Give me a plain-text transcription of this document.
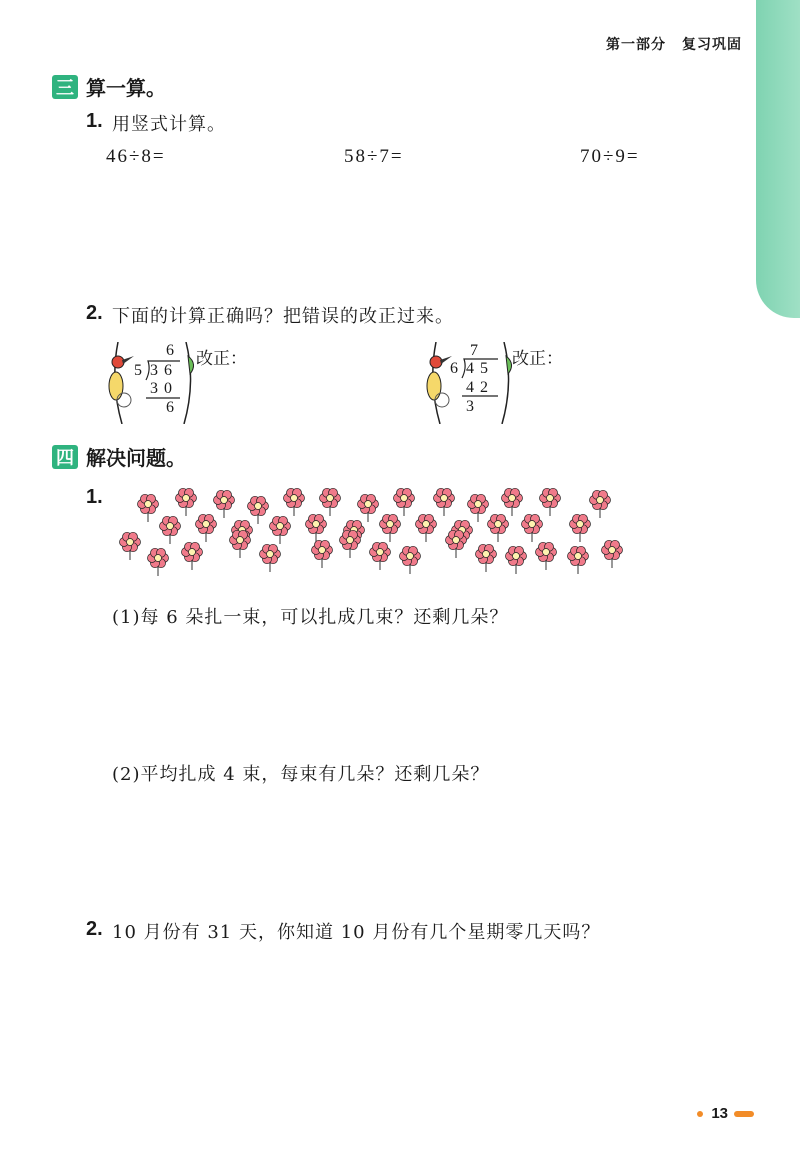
第一部分 复习巩固
三 算一算。
1. 用竖式计算。
46÷8=	58÷7=	70÷9=
2. 下面的计算正确吗？把错误的改正过来。
6
5 3 6
3 0
6
改正：	7
6 4 5
4 2
3
改正：
四 解决问题。
1.
(1)每 6 朵扎一束，可以扎成几束？还剩几朵？
(2)平均扎成 4 束，每束有几朵？还剩几朵？
2. 10 月份有 31 天，你知道 10 月份有几个星期零几天吗？
13
